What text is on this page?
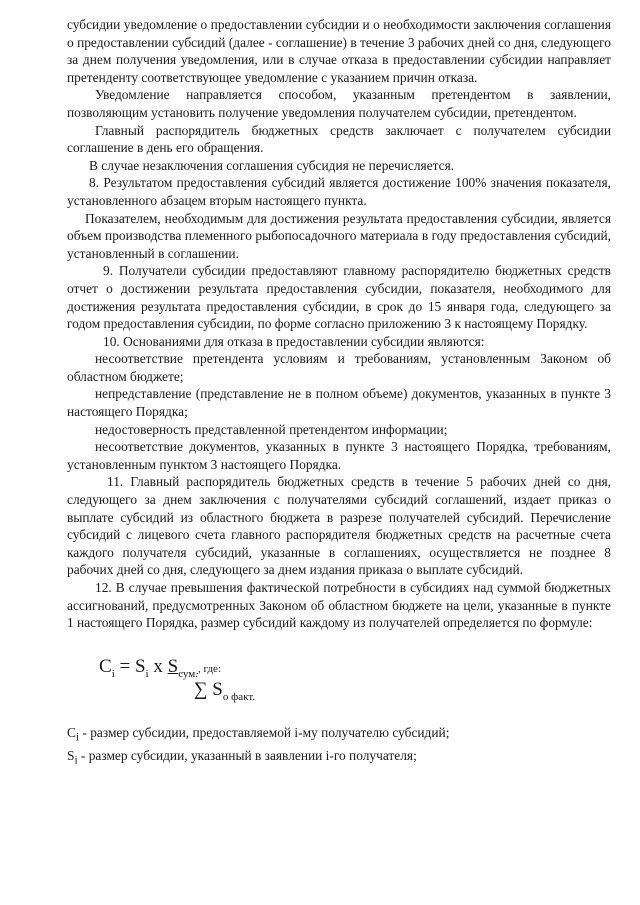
субсидии уведомление о предоставлении субсидии и о необходимости заключения соглашения о предоставлении субсидий (далее - соглашение) в течение 3 рабочих дней со дня, следующего за днем получения уведомления, или в случае отказа в предоставлении субсидии направляет претенденту соответствующее уведомление с указанием причин отказа.

Уведомление направляется способом, указанным претендентом в заявлении, позволяющим установить получение уведомления получателем субсидии, претендентом.

Главный распорядитель бюджетных средств заключает с получателем субсидии соглашение в день его обращения.

В случае незаключения соглашения субсидия не перечисляется.

8. Результатом предоставления субсидий является достижение 100% значения показателя, установленного абзацем вторым настоящего пункта.

Показателем, необходимым для достижения результата предоставления субсидии, является объем производства племенного рыбопосадочного материала в году предоставления субсидий, установленный в соглашении.

9. Получатели субсидии предоставляют главному распорядителю бюджетных средств отчет о достижении результата предоставления субсидии, показателя, необходимого для достижения результата предоставления субсидии, в срок до 15 января года, следующего за годом предоставления субсидии, по форме согласно приложению 3 к настоящему Порядку.

10. Основаниями для отказа в предоставлении субсидии являются:

несоответствие претендента условиям и требованиям, установленным Законом об областном бюджете;

непредставление (представление не в полном объеме) документов, указанных в пункте 3 настоящего Порядка;

недостоверность представленной претендентом информации;

несоответствие документов, указанных в пункте 3 настоящего Порядка, требованиям, установленным пунктом 3 настоящего Порядка.

11. Главный распорядитель бюджетных средств в течение 5 рабочих дней со дня, следующего за днем заключения с получателями субсидий соглашений, издает приказ о выплате субсидий из областного бюджета в разрезе получателей субсидий. Перечисление субсидий с лицевого счета главного распорядителя бюджетных средств на расчетные счета каждого получателя субсидий, указанные в соглашениях, осуществляется не позднее 8 рабочих дней со дня, следующего за днем издания приказа о выплате субсидий.

12. В случае превышения фактической потребности в субсидиях над суммой бюджетных ассигнований, предусмотренных Законом об областном бюджете на цели, указанные в пункте 1 настоящего Порядка, размер субсидий каждому из получателей определяется по формуле:

$C_i = S_i$ x $S_{сум.}$, где:
∑ $S_{o факт.}$

$C_i$ - размер субсидии, предоставляемой i-му получателю субсидий;

$S_i$ - размер субсидии, указанный в заявлении i-го получателя;
